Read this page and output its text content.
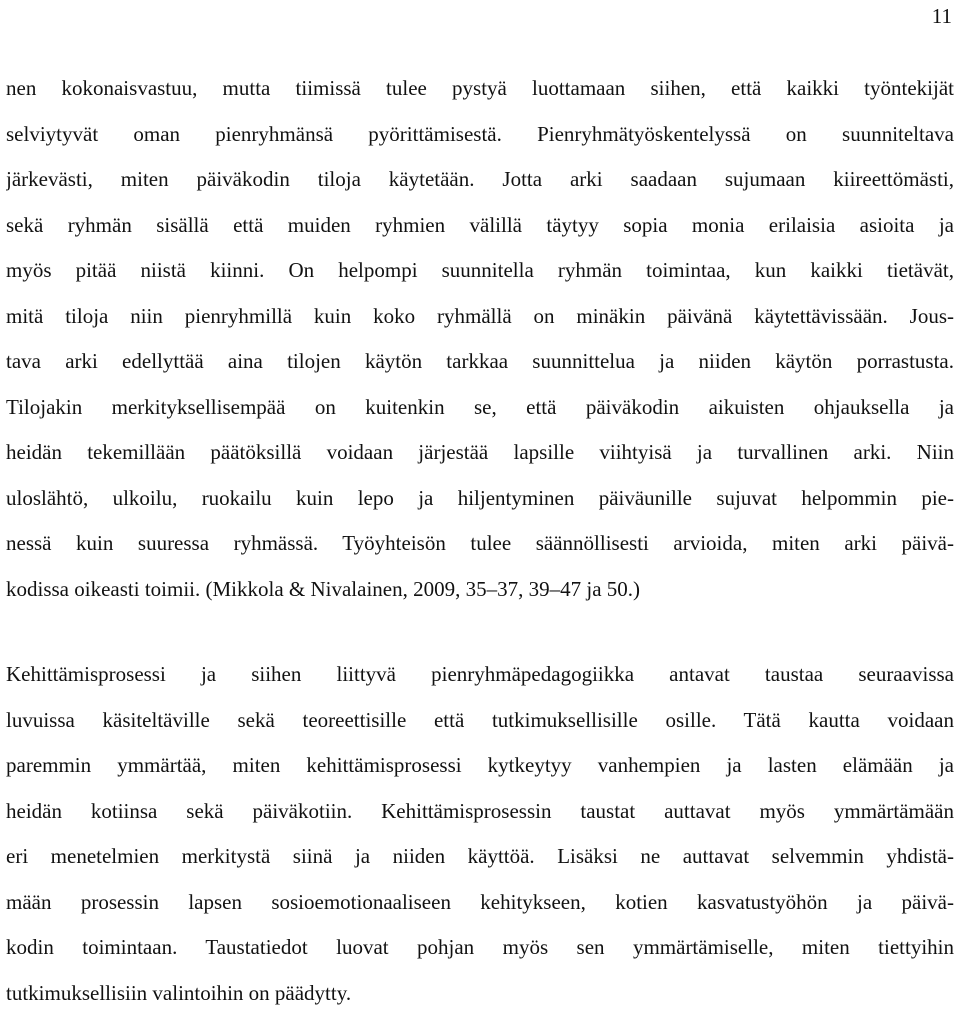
11
nen kokonaisvastuu, mutta tiimissä tulee pystyä luottamaan siihen, että kaikki työntekijät
selviytyvät oman pienryhmänsä pyörittämisestä. Pienryhmätyöskentelyssä on suunniteltava
järkevästi, miten päiväkodin tiloja käytetään. Jotta arki saadaan sujumaan kiireettömästi,
sekä ryhmän sisällä että muiden ryhmien välillä täytyy sopia monia erilaisia asioita ja
myös pitää niistä kiinni. On helpompi suunnitella ryhmän toimintaa, kun kaikki tietävät,
mitä tiloja niin pienryhmillä kuin koko ryhmällä on minäkin päivänä käytettävissään. Jous-
tava arki edellyttää aina tilojen käytön tarkkaa suunnittelua ja niiden käytön porrastusta.
Tilojakin merkityksellisempää on kuitenkin se, että päiväkodin aikuisten ohjauksella ja
heidän tekemillään päätöksillä voidaan järjestää lapsille viihtyisä ja turvallinen arki. Niin
uloslähtö, ulkoilu, ruokailu kuin lepo ja hiljentyminen päiväunille sujuvat helpommin pie-
nessä kuin suuressa ryhmässä. Työyhteisön tulee säännöllisesti arvioida, miten arki päivä-
kodissa oikeasti toimii. (Mikkola & Nivalainen, 2009, 35–37, 39–47 ja 50.)
Kehittämisprosessi ja siihen liittyvä pienryhmäpedagogiikka antavat taustaa seuraavissa
luvuissa käsiteltäville sekä teoreettisille että tutkimuksellisille osille. Tätä kautta voidaan
paremmin ymmärtää, miten kehittämisprosessi kytkeytyy vanhempien ja lasten elämään ja
heidän kotiinsa sekä päiväkotiin. Kehittämisprosessin taustat auttavat myös ymmärtämään
eri menetelmien merkitystä siinä ja niiden käyttöä. Lisäksi ne auttavat selvemmin yhdistä-
mään prosessin lapsen sosioemotionaaliseen kehitykseen, kotien kasvatustyöhön ja päivä-
kodin toimintaan. Taustatiedot luovat pohjan myös sen ymmärtämiselle, miten tiettyihin
tutkimuksellisiin valintoihin on päädytty.
